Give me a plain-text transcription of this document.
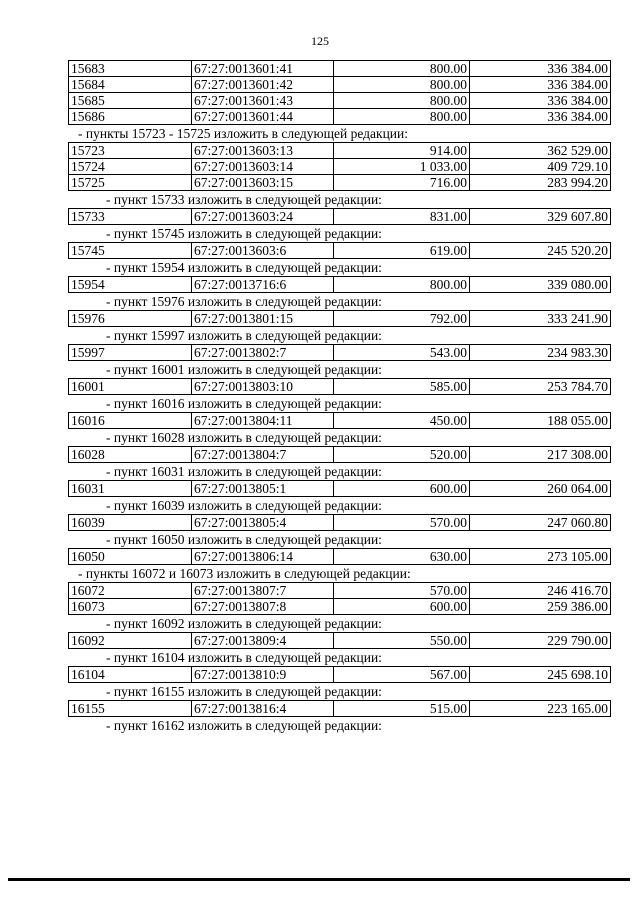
125
15683	67:27:0013601:41	800.00	336 384.00
15684	67:27:0013601:42	800.00	336 384.00
15685	67:27:0013601:43	800.00	336 384.00
15686	67:27:0013601:44	800.00	336 384.00
- пункты 15723 - 15725 изложить в следующей редакции:
15723	67:27:0013603:13	914.00	362 529.00
15724	67:27:0013603:14	1 033.00	409 729.10
15725	67:27:0013603:15	716.00	283 994.20
- пункт 15733 изложить в следующей редакции:
15733	67:27:0013603:24	831.00	329 607.80
- пункт 15745 изложить в следующей редакции:
15745	67:27:0013603:6	619.00	245 520.20
- пункт 15954 изложить в следующей редакции:
15954	67:27:0013716:6	800.00	339 080.00
- пункт 15976 изложить в следующей редакции:
15976	67:27:0013801:15	792.00	333 241.90
- пункт 15997 изложить в следующей редакции:
15997	67:27:0013802:7	543.00	234 983.30
- пункт 16001 изложить в следующей редакции:
16001	67:27:0013803:10	585.00	253 784.70
- пункт 16016 изложить в следующей редакции:
16016	67:27:0013804:11	450.00	188 055.00
- пункт 16028 изложить в следующей редакции:
16028	67:27:0013804:7	520.00	217 308.00
- пункт 16031 изложить в следующей редакции:
16031	67:27:0013805:1	600.00	260 064.00
- пункт 16039 изложить в следующей редакции:
16039	67:27:0013805:4	570.00	247 060.80
- пункт 16050 изложить в следующей редакции:
16050	67:27:0013806:14	630.00	273 105.00
- пункты 16072 и 16073 изложить в следующей редакции:
16072	67:27:0013807:7	570.00	246 416.70
16073	67:27:0013807:8	600.00	259 386.00
- пункт 16092 изложить в следующей редакции:
16092	67:27:0013809:4	550.00	229 790.00
- пункт 16104 изложить в следующей редакции:
16104	67:27:0013810:9	567.00	245 698.10
- пункт 16155 изложить в следующей редакции:
16155	67:27:0013816:4	515.00	223 165.00
- пункт 16162 изложить в следующей редакции:
